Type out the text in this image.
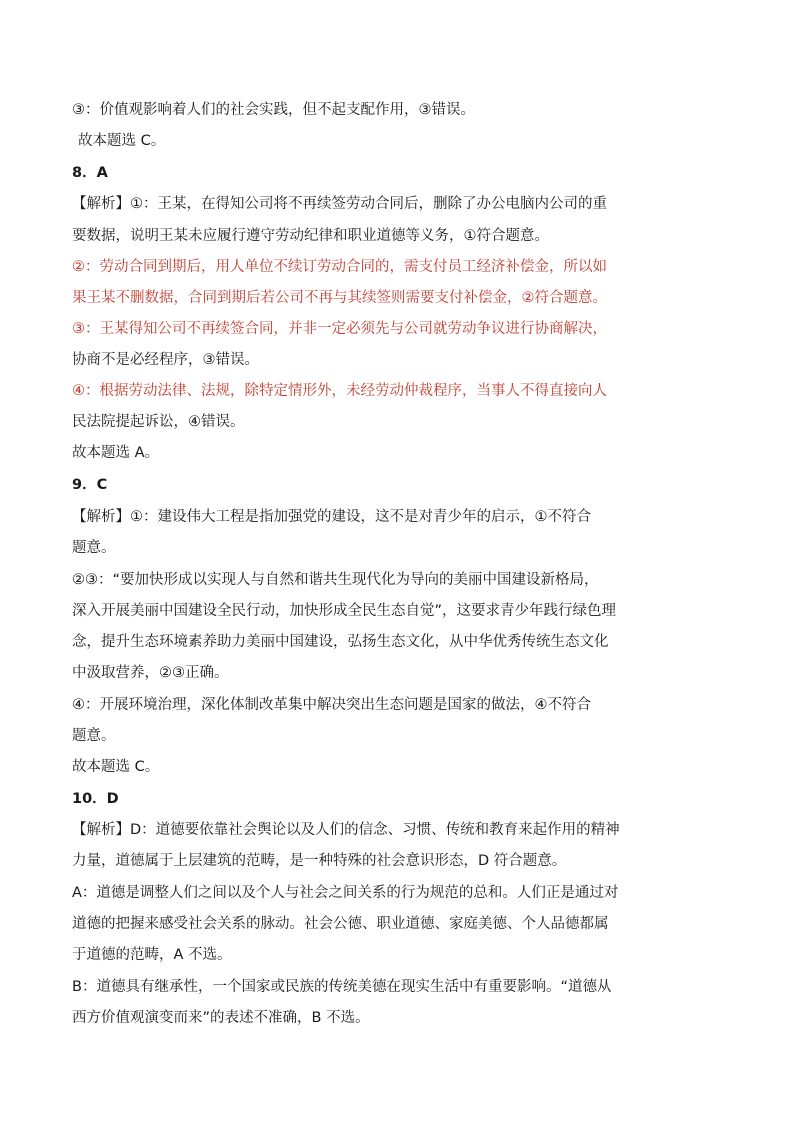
③：价值观影响着人们的社会实践，但不起支配作用，③错误。
故本题选 C。
8．A
【解析】①：王某，在得知公司将不再续签劳动合同后，删除了办公电脑内公司的重
要数据，说明王某未应履行遵守劳动纪律和职业道德等义务，①符合题意。
②：劳动合同到期后，用人单位不续订劳动合同的，需支付员工经济补偿金，所以如
果王某不删数据，合同到期后若公司不再与其续签则需要支付补偿金，②符合题意。
③：王某得知公司不再续签合同，并非一定必须先与公司就劳动争议进行协商解决，
协商不是必经程序，③错误。
④：根据劳动法律、法规，除特定情形外，未经劳动仲裁程序，当事人不得直接向人
民法院提起诉讼，④错误。
故本题选 A。
9．C
【解析】①：建设伟大工程是指加强党的建设，这不是对青少年的启示，①不符合
题意。
②③：“要加快形成以实现人与自然和谐共生现代化为导向的美丽中国建设新格局，
深入开展美丽中国建设全民行动，加快形成全民生态自觉”，这要求青少年践行绿色理
念，提升生态环境素养助力美丽中国建设，弘扬生态文化，从中华优秀传统生态文化
中汲取营养，②③正确。
④：开展环境治理，深化体制改革集中解决突出生态问题是国家的做法，④不符合
题意。
故本题选 C。
10．D
【解析】D：道德要依靠社会舆论以及人们的信念、习惯、传统和教育来起作用的精神
力量，道德属于上层建筑的范畴，是一种特殊的社会意识形态，D 符合题意。
A：道德是调整人们之间以及个人与社会之间关系的行为规范的总和。人们正是通过对
道德的把握来感受社会关系的脉动。社会公德、职业道德、家庭美德、个人品德都属
于道德的范畴，A 不选。
B：道德具有继承性，一个国家或民族的传统美德在现实生活中有重要影响。“道德从
西方价值观演变而来”的表述不准确，B 不选。
